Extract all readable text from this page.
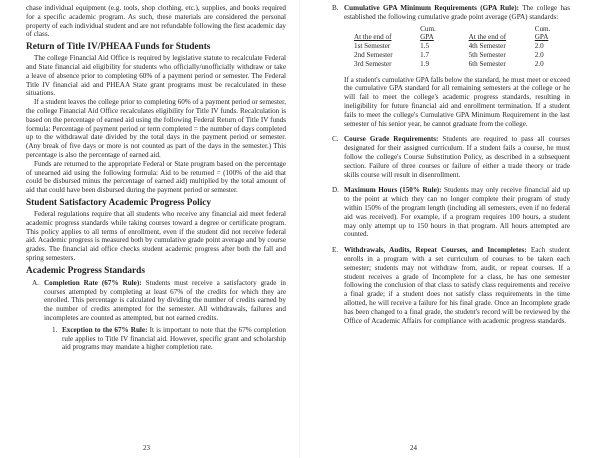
chase individual equipment (e.g. tools, shop clothing, etc.), supplies, and books required for a specific academic program. As such, these materials are considered the personal property of each individual student and are not refundable following the first academic day of class.

Return of Title IV/PHEAA Funds for Students

The college Financial Aid Office is required by legislative statute to recalculate Federal and State financial aid eligibility for students who officially/unofficially withdraw or take a leave of absence prior to completing 60% of a payment period or semester. The Federal Title IV financial aid and PHEAA State grant programs must be recalculated in these situations.

If a student leaves the college prior to completing 60% of a payment period or semester, the college Financial Aid Office recalculates eligibility for Title IV funds. Recalculation is based on the percentage of earned aid using the following Federal Return of Title IV funds formula: Percentage of payment period or term completed = the number of days completed up to the withdrawal date divided by the total days in the payment period or semester. (Any break of five days or more is not counted as part of the days in the semester.) This percentage is also the percentage of earned aid.

Funds are returned to the appropriate Federal or State program based on the percentage of unearned aid using the following formula: Aid to be returned = (100% of the aid that could be disbursed minus the percentage of earned aid) multiplied by the total amount of aid that could have been disbursed during the payment period or semester.

Student Satisfactory Academic Progress Policy

Federal regulations require that all students who receive any financial aid meet federal academic progress standards while taking courses toward a degree or certificate program. This policy applies to all terms of enrollment, even if the student did not receive federal aid. Academic progress is measured both by cumulative grade point average and by course grades. The financial aid office checks student academic progress after both the fall and spring semesters.

Academic Progress Standards
A. Completion Rate (67% Rule): Students must receive a satisfactory grade in courses attempted by completing at least 67% of the credits for which they are enrolled. This percentage is calculated by dividing the number of credits earned by the number of credits attempted for the semester. All withdrawals, failures and incompletes are counted as attempted, but not earned credits.

1. Exception to the 67% Rule: It is important to note that the 67% completion rule applies to Title IV financial aid. However, specific grant and scholarship aid programs may mandate a higher completion rate.

23
B. Cumulative GPA Minimum Requirements (GPA Rule): The college has established the following cumulative grade point average (GPA) standards:

	Cum.		Cum.
At the end of	GPA	At the end of	GPA
1st Semester	1.5	4th Semester	2.0
2nd Semester	1.7	5th Semester	2.0
3rd Semester	1.9	6th Semester	2.0

If a student's cumulative GPA falls below the standard, he must meet or exceed the cumulative GPA standard for all remaining semesters at the college or he will fail to meet the college's academic progress standards, resulting in ineligibility for future financial aid and enrollment termination. If a student fails to meet the college's Cumulative GPA Minimum Requirement in the last semester of his senior year, he cannot graduate from the college.

C. Course Grade Requirements: Students are required to pass all courses designated for their assigned curriculum. If a student fails a course, he must follow the college's Course Substitution Policy, as described in a subsequent section. Failure of three courses or failure of either a trade theory or trade skills course will result in disenrollment.

D. Maximum Hours (150% Rule): Students may only receive financial aid up to the point at which they can no longer complete their program of study within 150% of the program length (including all semesters, even if no federal aid was received). For example, if a program requires 100 hours, a student may only attempt up to 150 hours in that program. All hours attempted are counted.

E. Withdrawals, Audits, Repeat Courses, and Incompletes: Each student enrolls in a program with a set curriculum of courses to be taken each semester; students may not withdraw from, audit, or repeat courses. If a student receives a grade of Incomplete for a class, he has one semester following the conclusion of that class to satisfy class requirements and receive a final grade; if a student does not satisfy class requirements in the time allotted, he will receive a failure for his final grade. Once an Incomplete grade has been changed to a final grade, the student's record will be reviewed by the Office of Academic Affairs for compliance with academic progress standards.

24
